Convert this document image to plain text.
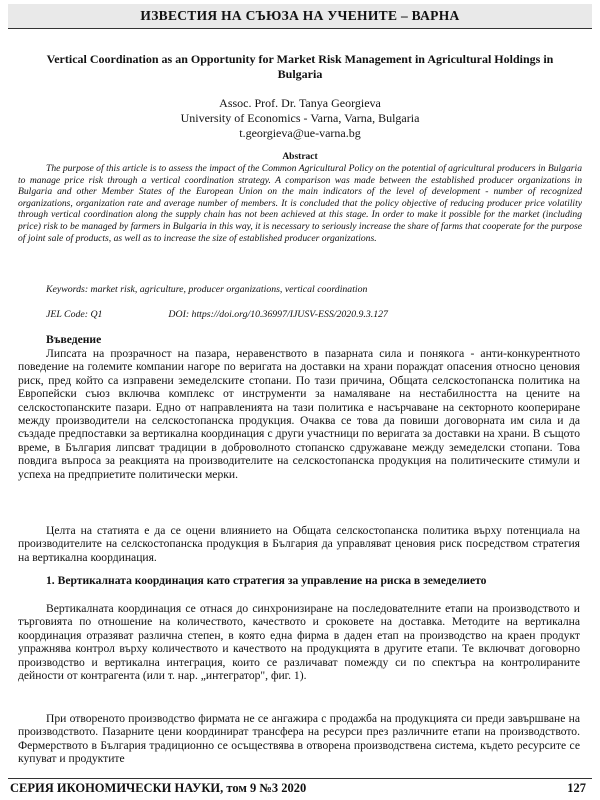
ИЗВЕСТИЯ НА СЪЮЗА НА УЧЕНИТЕ – ВАРНА
Vertical Coordination as an Opportunity for Market Risk Management in Agricultural Holdings in Bulgaria
Assoc. Prof. Dr. Tanya Georgieva
University of Economics - Varna, Varna, Bulgaria
t.georgieva@ue-varna.bg
Abstract

The purpose of this article is to assess the impact of the Common Agricultural Policy on the potential of agricultural producers in Bulgaria to manage price risk through a vertical coordination strategy. A comparison was made between the established producer organizations in Bulgaria and other Member States of the European Union on the main indicators of the level of development - number of recognized organizations, organization rate and average number of members. It is concluded that the policy objective of reducing producer price volatility through vertical coordination along the supply chain has not been achieved at this stage. In order to make it possible for the market (including price) risk to be managed by farmers in Bulgaria in this way, it is necessary to seriously increase the share of farms that cooperate for the purpose of joint sale of products, as well as to increase the size of established producer organizations.

Keywords: market risk, agriculture, producer organizations, vertical coordination
JEL Code: Q1	DOI: https://doi.org/10.36997/IJUSV-ESS/2020.9.3.127
Въведение

Липсата на прозрачност на пазара, неравенството в пазарната сила и понякога - анти-конкурентното поведение на големите компании нагоре по веригата на доставки на храни пораждат опасения относно ценовия риск, пред който са изправени земеделските стопани. По тази причина, Общата селскостопанска политика на Европейски съюз включва комплекс от инструменти за намаляване на нестабилността на цените на селскостопанските пазари. Едно от направленията на тази политика е насърчаване на секторното коопериране между производители на селскостопанска продукция. Очаква се това да повиши договорната им сила и да създаде предпоставки за вертикална координация с други участници по веригата за доставки на храни. В същото време, в България липсват традиции в доброволното стопанско сдружаване между земеделски стопани. Това повдига въпроса за реакцията на производителите на селскостопанска продукция на политическите стимули и успеха на предприетите политически мерки.

Целта на статията е да се оцени влиянието на Общата селскостопанска политика върху потенциала на производителите на селскостопанска продукция в България да управляват ценовия риск посредством стратегия на вертикална координация.

1. Вертикалната координация като стратегия за управление на риска в земеделието

Вертикалната координация се отнася до синхронизиране на последователните етапи на производството и търговията по отношение на количеството, качеството и сроковете на доставка. Методите на вертикална координация отразяват различна степен, в която една фирма в даден етап на производство на краен продукт упражнява контрол върху количеството и качеството на продукцията в другите етапи. Те включват договорно производство и вертикална интеграция, които се различават помежду си по спектъра на контролираните дейности от контрагента (или т. нар. „интегратор", фиг. 1).

При отвореното производство фирмата не се ангажира с продажба на продукцията си преди завършване на производството. Пазарните цени координират трансфера на ресурси през различните етапи на производството. Фермерството в България традиционно се осъществява в отворена производствена система, където ресурсите се купуват и продуктите

СЕРИЯ ИКОНОМИЧЕСКИ НАУКИ, том 9 №3 2020	127
